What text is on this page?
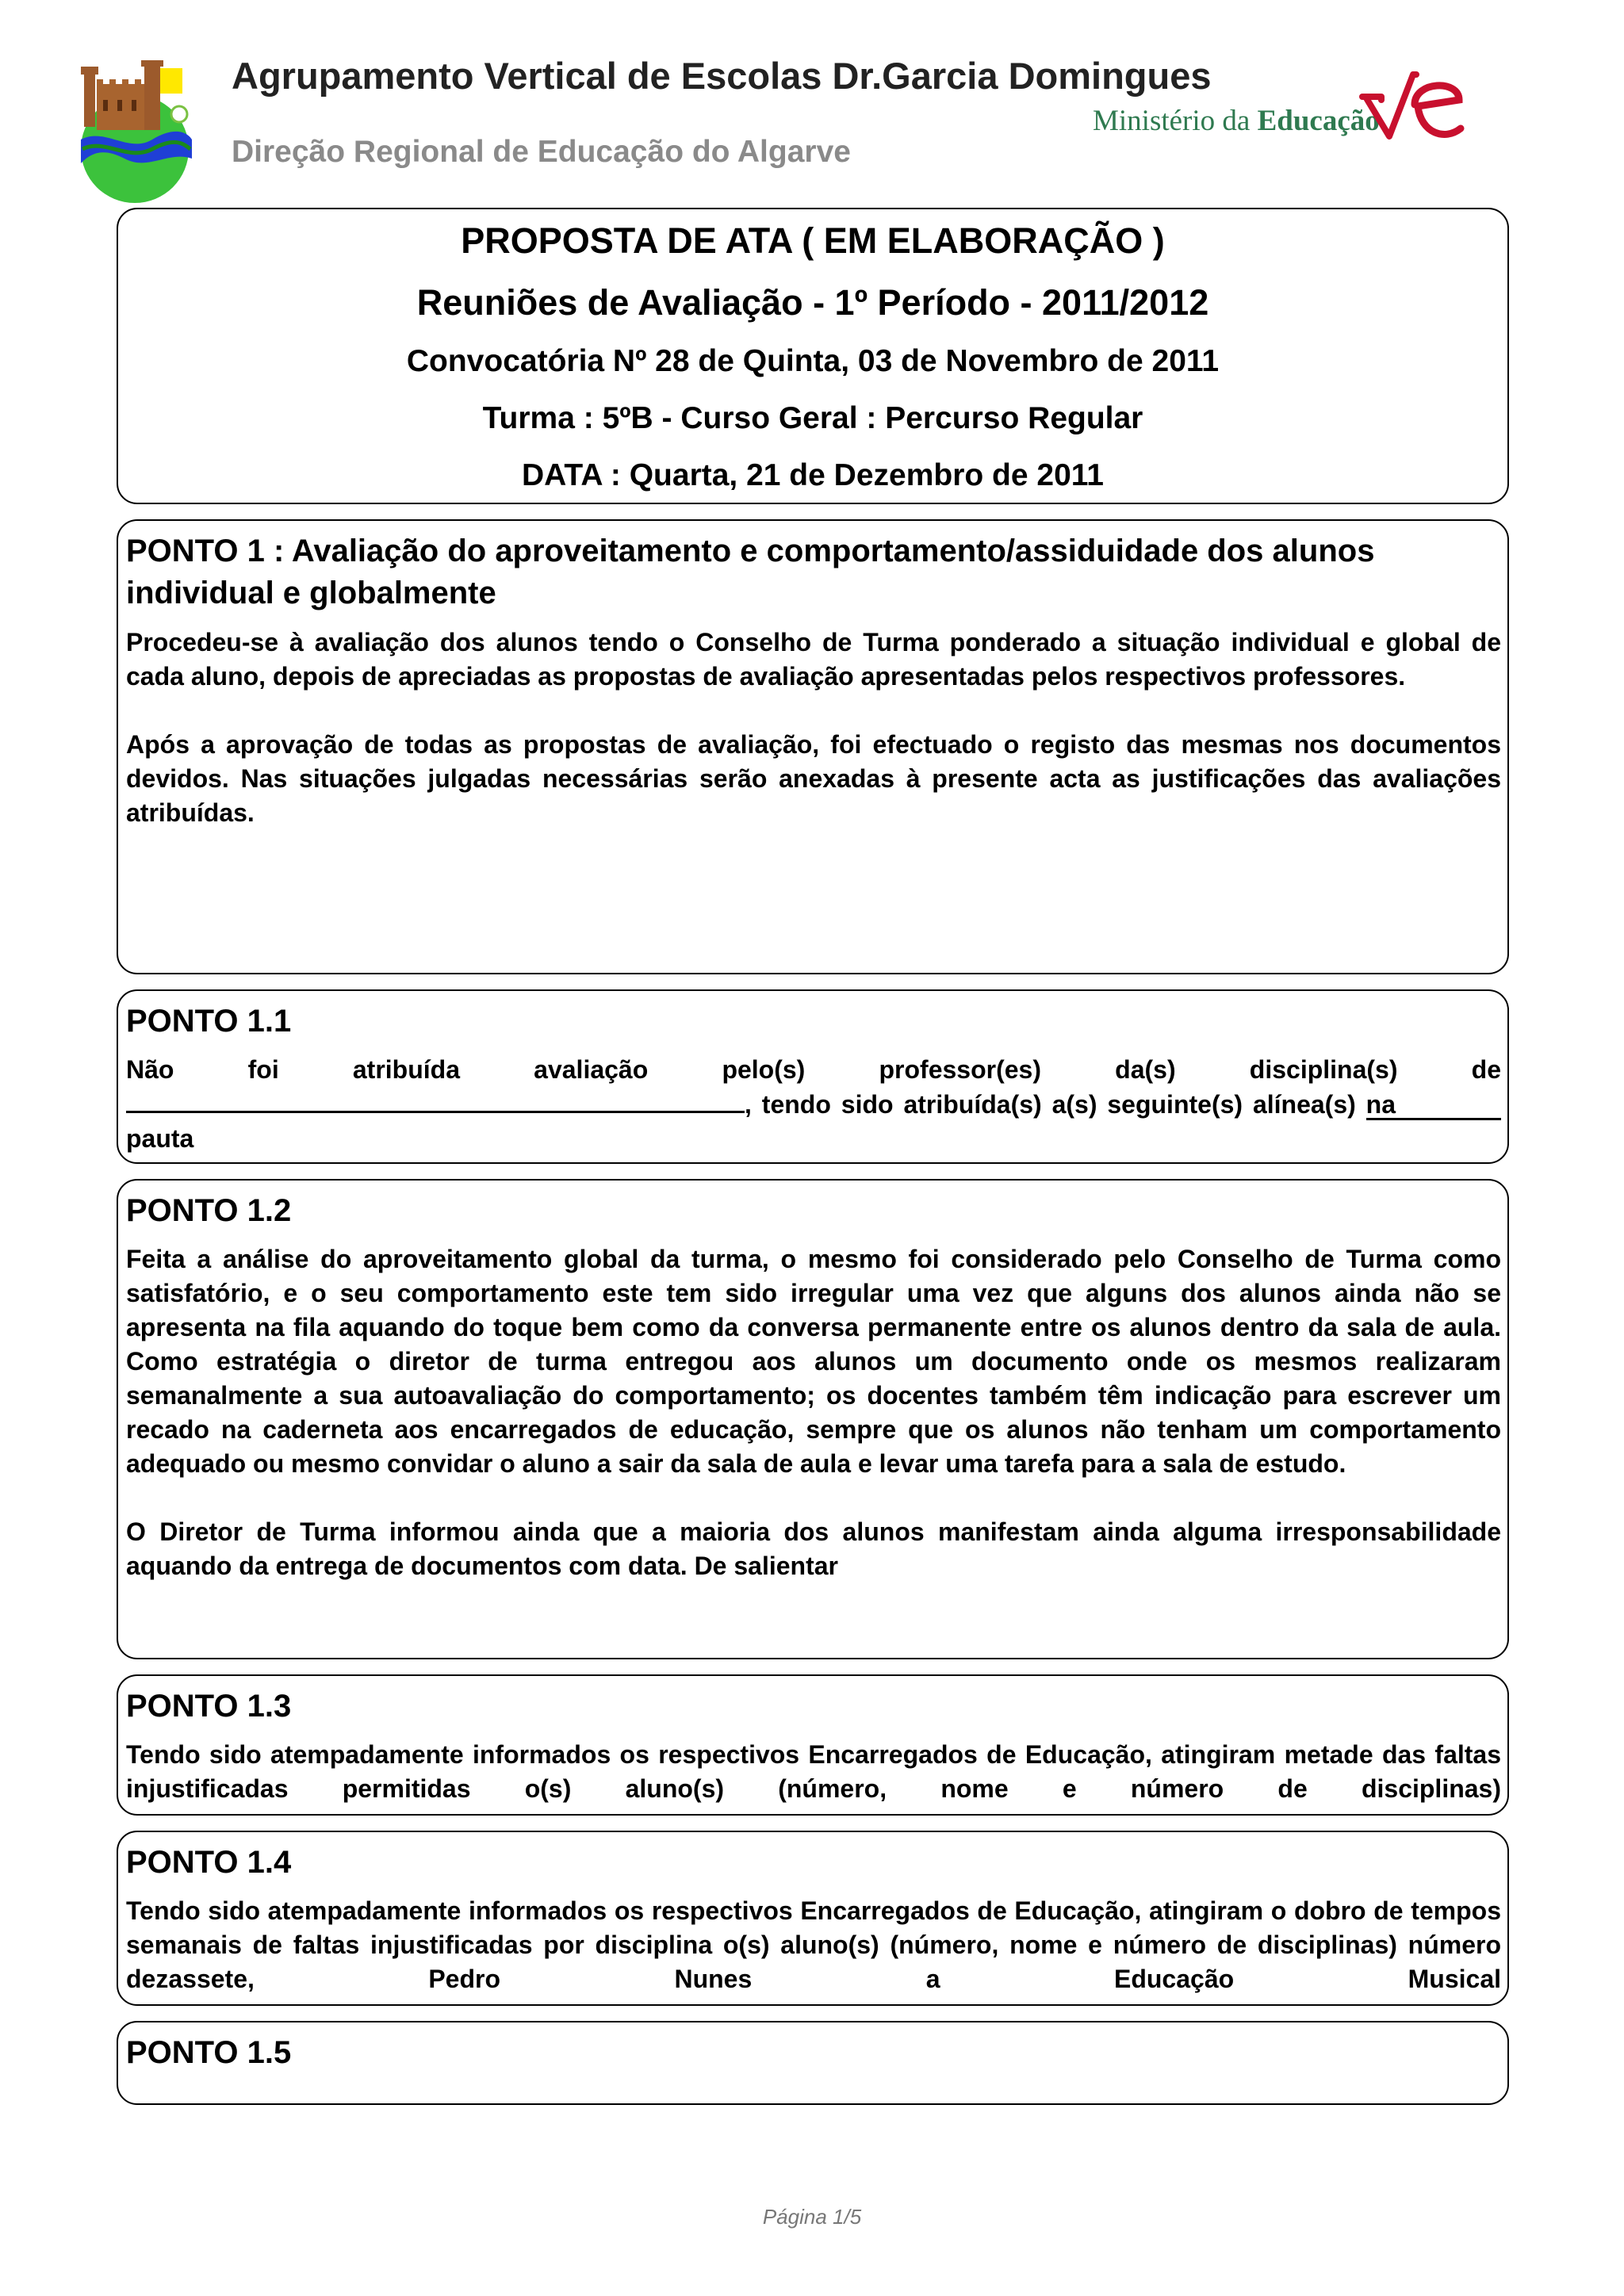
Agrupamento Vertical de Escolas Dr.Garcia Domingues
Direção Regional de Educação do Algarve
Ministério da Educação
PROPOSTA DE ATA ( EM ELABORAÇÃO )
Reuniões de Avaliação - 1º Período - 2011/2012
Convocatória Nº 28 de Quinta, 03 de Novembro de 2011
Turma : 5ºB - Curso Geral : Percurso Regular
DATA : Quarta, 21 de Dezembro de 2011
PONTO 1 : Avaliação do aproveitamento e comportamento/assiduidade dos alunos individual e globalmente

Procedeu-se à avaliação dos alunos tendo o Conselho de Turma ponderado a situação individual e global de cada aluno, depois de apreciadas as propostas de avaliação apresentadas pelos respectivos professores.

Após a aprovação de todas as propostas de avaliação, foi efectuado o registo das mesmas nos documentos devidos. Nas situações julgadas necessárias serão anexadas à presente acta as justificações das avaliações atribuídas.

PONTO 1.1
Não foi atribuída avaliação pelo(s) professor(es) da(s) disciplina(s) de
, tendo sido atribuída(s) a(s) seguinte(s) alínea(s) na
pauta
PONTO 1.2

Feita a análise do aproveitamento global da turma, o mesmo foi considerado pelo Conselho de Turma como satisfatório, e o seu comportamento este tem sido irregular uma vez que alguns dos alunos ainda não se apresenta na fila aquando do toque bem como da conversa permanente entre os alunos dentro da sala de aula. Como estratégia o diretor de turma entregou aos alunos um documento onde os mesmos realizaram semanalmente a sua autoavaliação do comportamento; os docentes também têm indicação para escrever um recado na caderneta aos encarregados de educação, sempre que os alunos não tenham um comportamento adequado ou mesmo convidar o aluno a sair da sala de aula e levar uma tarefa para a sala de estudo.

O Diretor de Turma informou ainda que a maioria dos alunos manifestam ainda alguma irresponsabilidade aquando da entrega de documentos com data. De salientar

PONTO 1.3
Tendo sido atempadamente informados os respectivos Encarregados de Educação, atingiram metade das faltas injustificadas permitidas o(s) aluno(s) (número, nome e número de disciplinas)
PONTO 1.4
Tendo sido atempadamente informados os respectivos Encarregados de Educação, atingiram o dobro de tempos semanais de faltas injustificadas por disciplina o(s) aluno(s) (número, nome e número de disciplinas) número dezassete, Pedro Nunes a Educação Musical
PONTO 1.5
Página 1/5
